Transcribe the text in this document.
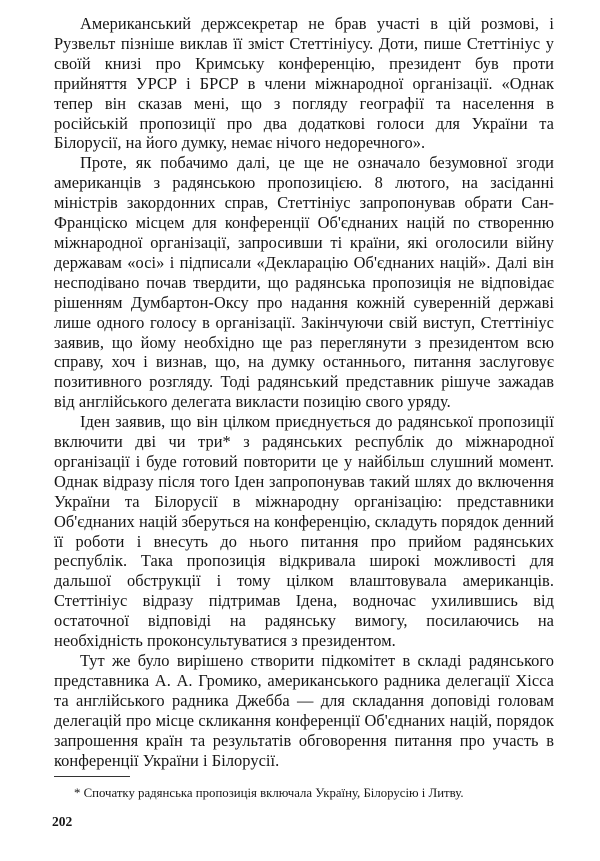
Американський держсекретар не брав участі в цій розмові, і Рузвельт пізніше виклав її зміст Стеттініусу. Доти, пише Стеттініус у своїй книзі про Кримську конференцію, президент був проти прийняття УРСР і БРСР в члени міжнародної організації. «Однак тепер він сказав мені, що з погляду географії та населення в російській пропозиції про два додаткові голоси для України та Білорусії, на його думку, немає нічого недоречного».

Проте, як побачимо далі, це ще не означало безумовної згоди американців з радянською пропозицією. 8 лютого, на засіданні міністрів закордонних справ, Стеттініус запропонував обрати Сан-Франціско місцем для конференції Об'єднаних націй по створенню міжнародної організації, запросивши ті країни, які оголосили війну державам «осі» і підписали «Декларацію Об'єднаних націй». Далі він несподівано почав твердити, що радянська пропозиція не відповідає рішенням Думбартон-Оксу про надання кожній суверенній державі лише одного голосу в організації. Закінчуючи свій виступ, Стеттініус заявив, що йому необхідно ще раз переглянути з президентом всю справу, хоч і визнав, що, на думку останнього, питання заслуговує позитивного розгляду. Тоді радянський представник рішуче зажадав від англійського делегата викласти позицію свого уряду.

Іден заявив, що він цілком приєднується до радянської пропозиції включити дві чи три* з радянських республік до міжнародної організації і буде готовий повторити це у найбільш слушний момент. Однак відразу після того Іден запропонував такий шлях до включення України та Білорусії в міжнародну організацію: представники Об'єднаних націй зберуться на конференцію, складуть порядок денний її роботи і внесуть до нього питання про прийом радянських республік. Така пропозиція відкривала широкі можливості для дальшої обструкції і тому цілком влаштовувала американців. Стеттініус відразу підтримав Ідена, водночас ухилившись від остаточної відповіді на радянську вимогу, посилаючись на необхідність проконсультуватися з президентом.

Тут же було вирішено створити підкомітет в складі радянського представника А. А. Громико, американського радника делегації Хісса та англійського радника Джебба — для складання доповіді головам делегацій про місце скликання конференції Об'єднаних націй, порядок запрошення країн та результатів обговорення питання про участь в конференції України і Білорусії.

* Спочатку радянська пропозиція включала Україну, Білорусію і Литву.
202
